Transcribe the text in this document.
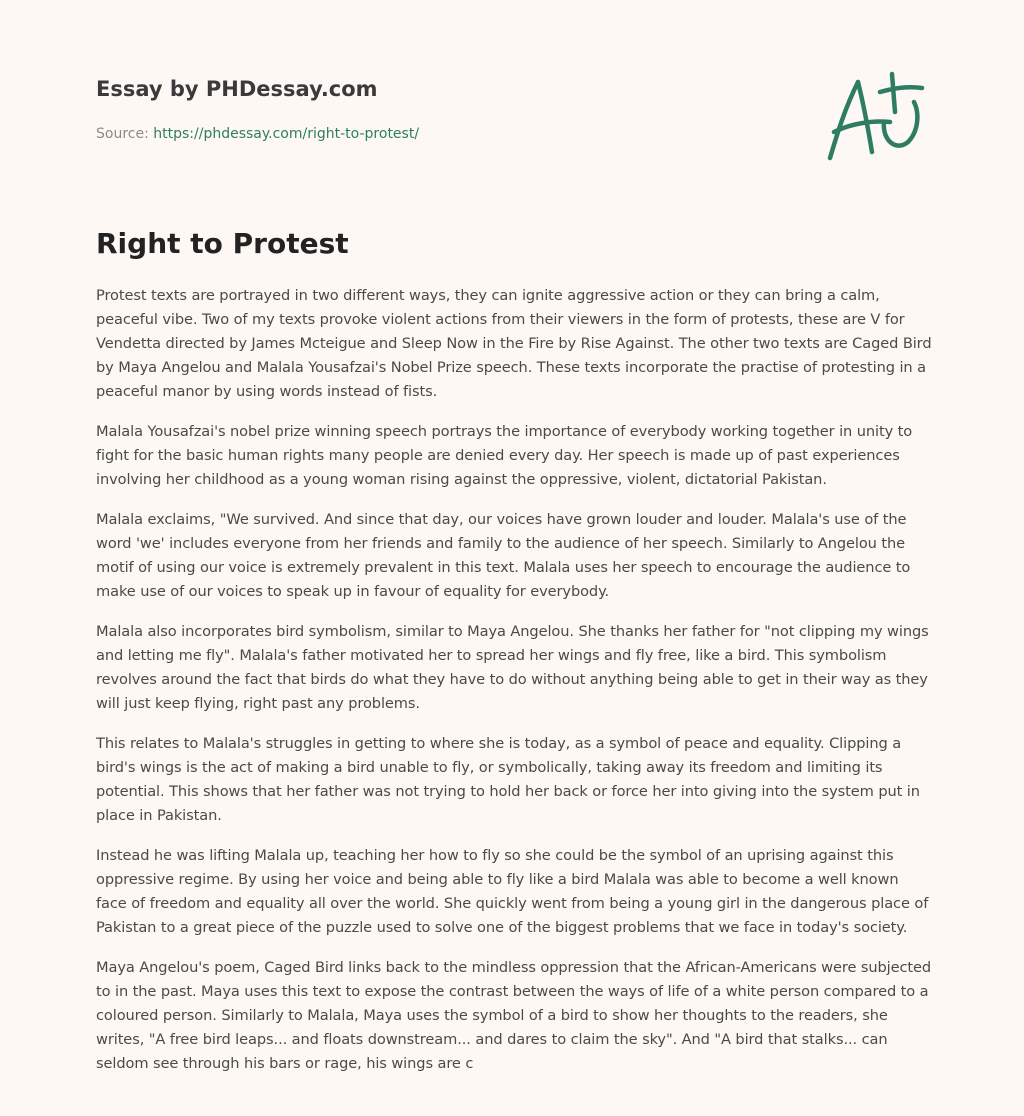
Essay by PHDessay.com
Source: https://phdessay.com/right-to-protest/
Right to Protest

Protest texts are portrayed in two different ways, they can ignite aggressive action or they can bring a calm, peaceful vibe. Two of my texts provoke violent actions from their viewers in the form of protests, these are V for Vendetta directed by James Mcteigue and Sleep Now in the Fire by Rise Against. The other two texts are Caged Bird by Maya Angelou and Malala Yousafzai's Nobel Prize speech. These texts incorporate the practise of protesting in a peaceful manor by using words instead of fists.

Malala Yousafzai's nobel prize winning speech portrays the importance of everybody working together in unity to fight for the basic human rights many people are denied every day. Her speech is made up of past experiences involving her childhood as a young woman rising against the oppressive, violent, dictatorial Pakistan.

Malala exclaims, "We survived. And since that day, our voices have grown louder and louder. Malala's use of the word 'we' includes everyone from her friends and family to the audience of her speech. Similarly to Angelou the motif of using our voice is extremely prevalent in this text. Malala uses her speech to encourage the audience to make use of our voices to speak up in favour of equality for everybody.

Malala also incorporates bird symbolism, similar to Maya Angelou. She thanks her father for "not clipping my wings and letting me fly". Malala's father motivated her to spread her wings and fly free, like a bird. This symbolism revolves around the fact that birds do what they have to do without anything being able to get in their way as they will just keep flying, right past any problems.

This relates to Malala's struggles in getting to where she is today, as a symbol of peace and equality. Clipping a bird's wings is the act of making a bird unable to fly, or symbolically, taking away its freedom and limiting its potential. This shows that her father was not trying to hold her back or force her into giving into the system put in place in Pakistan.

Instead he was lifting Malala up, teaching her how to fly so she could be the symbol of an uprising against this oppressive regime. By using her voice and being able to fly like a bird Malala was able to become a well known face of freedom and equality all over the world. She quickly went from being a young girl in the dangerous place of Pakistan to a great piece of the puzzle used to solve one of the biggest problems that we face in today's society.

Maya Angelou's poem, Caged Bird links back to the mindless oppression that the African-Americans were subjected to in the past. Maya uses this text to expose the contrast between the ways of life of a white person compared to a coloured person. Similarly to Malala, Maya uses the symbol of a bird to show her thoughts to the readers, she writes, "A free bird leaps... and floats downstream... and dares to claim the sky". And "A bird that stalks... can seldom see through his bars or rage, his wings are c
